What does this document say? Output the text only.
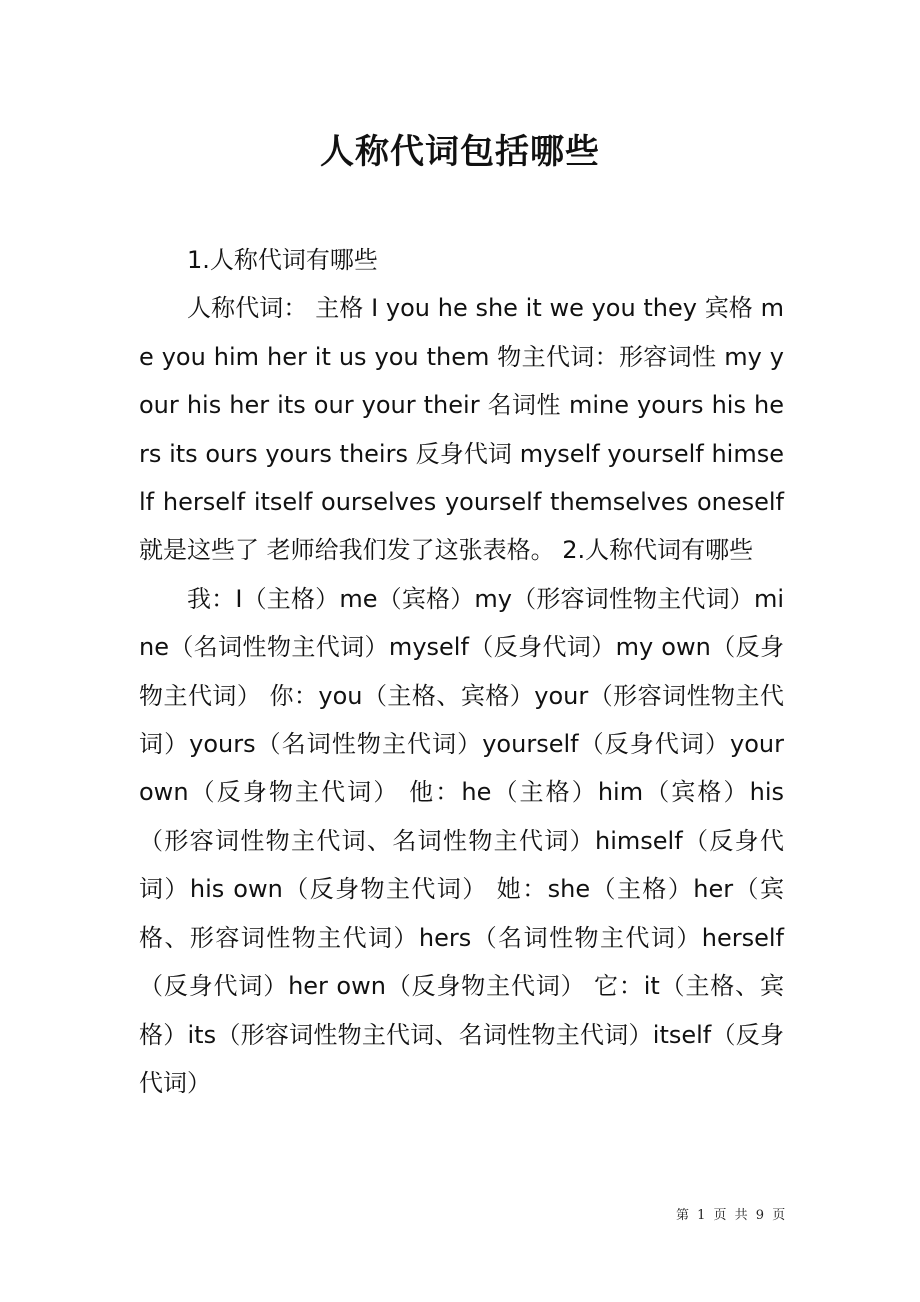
人称代词包括哪些

1.人称代词有哪些

人称代词： 主格 I you he she it we you they 宾格 me you him her it us you them 物主代词：形容词性 my your his her its our your their 名词性 mine yours his hers its ours yours theirs 反身代词 myself yourself himself herself itself ourselves yourself themselves oneself 就是这些了 老师给我们发了这张表格。 2.人称代词有哪些

我：I（主格）me（宾格）my（形容词性物主代词）mine（名词性物主代词）myself（反身代词）my own（反身物主代词） 你：you（主格、宾格）your（形容词性物主代词）yours（名词性物主代词）yourself（反身代词）your own（反身物主代词） 他：he（主格）him（宾格）his（形容词性物主代词、名词性物主代词）himself（反身代词）his own（反身物主代词） 她：she（主格）her（宾格、形容词性物主代词）hers（名词性物主代词）herself（反身代词）her own（反身物主代词） 它：it（主格、宾格）its（形容词性物主代词、名词性物主代词）itself（反身代词）

第 1 页 共 9 页
